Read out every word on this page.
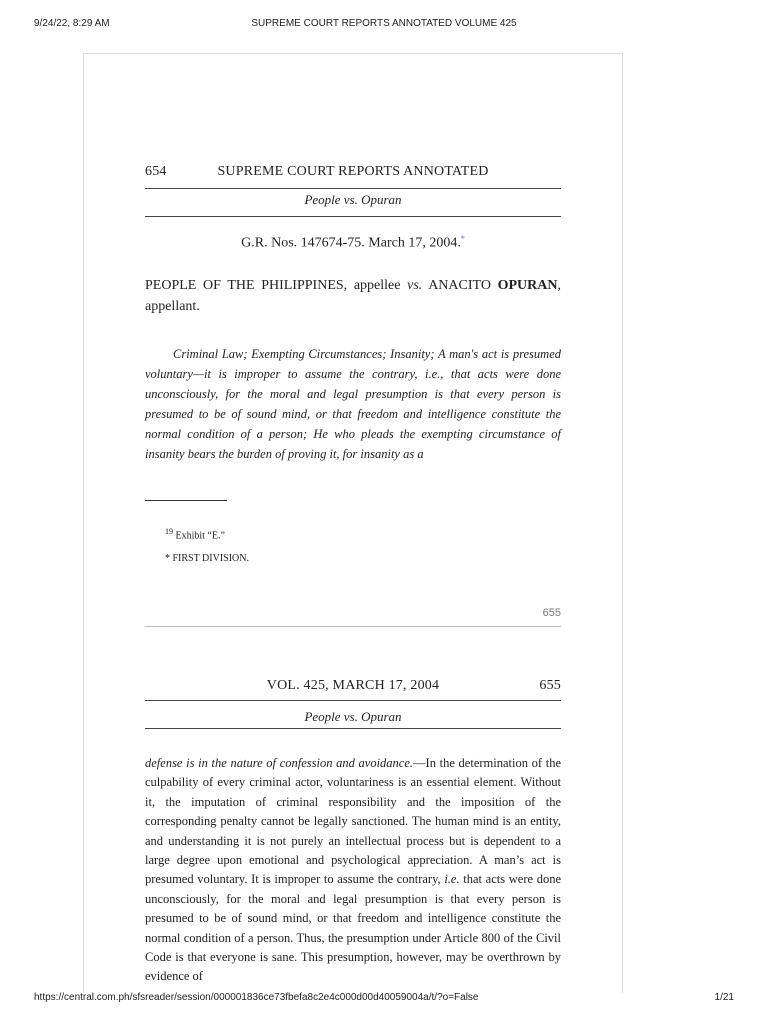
9/24/22, 8:29 AM	SUPREME COURT REPORTS ANNOTATED VOLUME 425
654	SUPREME COURT REPORTS ANNOTATED
People vs. Opuran
G.R. Nos. 147674-75. March 17, 2004.*
PEOPLE OF THE PHILIPPINES, appellee vs. ANACITO OPURAN, appellant.

Criminal Law; Exempting Circumstances; Insanity; A man's act is presumed voluntary—it is improper to assume the contrary, i.e., that acts were done unconsciously, for the moral and legal presumption is that every person is presumed to be of sound mind, or that freedom and intelligence constitute the normal condition of a person; He who pleads the exempting circumstance of insanity bears the burden of proving it, for insanity as a

$^{19}$ Exhibit “E.”
* FIRST DIVISION.
655
VOL. 425, MARCH 17, 2004	655
People vs. Opuran

defense is in the nature of confession and avoidance.—In the determination of the culpability of every criminal actor, voluntariness is an essential element. Without it, the imputation of criminal responsibility and the imposition of the corresponding penalty cannot be legally sanctioned. The human mind is an entity, and understanding it is not purely an intellectual process but is dependent to a large degree upon emotional and psychological appreciation. A man’s act is presumed voluntary. It is improper to assume the contrary, i.e. that acts were done unconsciously, for the moral and legal presumption is that every person is presumed to be of sound mind, or that freedom and intelligence constitute the normal condition of a person. Thus, the presumption under Article 800 of the Civil Code is that everyone is sane. This presumption, however, may be overthrown by evidence of

https://central.com.ph/sfsreader/session/000001836ce73fbefa8c2e4c000d00d40059004a/t/?o=False	1/21
